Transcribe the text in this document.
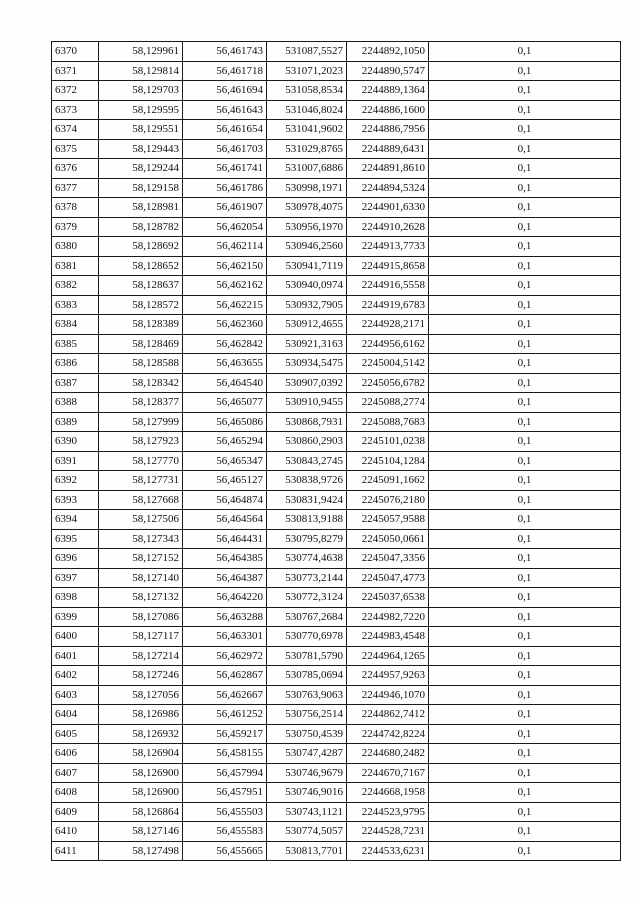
6370	58,129961	56,461743	531087,5527	2244892,1050	0,1
6371	58,129814	56,461718	531071,2023	2244890,5747	0,1
6372	58,129703	56,461694	531058,8534	2244889,1364	0,1
6373	58,129595	56,461643	531046,8024	2244886,1600	0,1
6374	58,129551	56,461654	531041,9602	2244886,7956	0,1
6375	58,129443	56,461703	531029,8765	2244889,6431	0,1
6376	58,129244	56,461741	531007,6886	2244891,8610	0,1
6377	58,129158	56,461786	530998,1971	2244894,5324	0,1
6378	58,128981	56,461907	530978,4075	2244901,6330	0,1
6379	58,128782	56,462054	530956,1970	2244910,2628	0,1
6380	58,128692	56,462114	530946,2560	2244913,7733	0,1
6381	58,128652	56,462150	530941,7119	2244915,8658	0,1
6382	58,128637	56,462162	530940,0974	2244916,5558	0,1
6383	58,128572	56,462215	530932,7905	2244919,6783	0,1
6384	58,128389	56,462360	530912,4655	2244928,2171	0,1
6385	58,128469	56,462842	530921,3163	2244956,6162	0,1
6386	58,128588	56,463655	530934,5475	2245004,5142	0,1
6387	58,128342	56,464540	530907,0392	2245056,6782	0,1
6388	58,128377	56,465077	530910,9455	2245088,2774	0,1
6389	58,127999	56,465086	530868,7931	2245088,7683	0,1
6390	58,127923	56,465294	530860,2903	2245101,0238	0,1
6391	58,127770	56,465347	530843,2745	2245104,1284	0,1
6392	58,127731	56,465127	530838,9726	2245091,1662	0,1
6393	58,127668	56,464874	530831,9424	2245076,2180	0,1
6394	58,127506	56,464564	530813,9188	2245057,9588	0,1
6395	58,127343	56,464431	530795,8279	2245050,0661	0,1
6396	58,127152	56,464385	530774,4638	2245047,3356	0,1
6397	58,127140	56,464387	530773,2144	2245047,4773	0,1
6398	58,127132	56,464220	530772,3124	2245037,6538	0,1
6399	58,127086	56,463288	530767,2684	2244982,7220	0,1
6400	58,127117	56,463301	530770,6978	2244983,4548	0,1
6401	58,127214	56,462972	530781,5790	2244964,1265	0,1
6402	58,127246	56,462867	530785,0694	2244957,9263	0,1
6403	58,127056	56,462667	530763,9063	2244946,1070	0,1
6404	58,126986	56,461252	530756,2514	2244862,7412	0,1
6405	58,126932	56,459217	530750,4539	2244742,8224	0,1
6406	58,126904	56,458155	530747,4287	2244680,2482	0,1
6407	58,126900	56,457994	530746,9679	2244670,7167	0,1
6408	58,126900	56,457951	530746,9016	2244668,1958	0,1
6409	58,126864	56,455503	530743,1121	2244523,9795	0,1
6410	58,127146	56,455583	530774,5057	2244528,7231	0,1
6411	58,127498	56,455665	530813,7701	2244533,6231	0,1
